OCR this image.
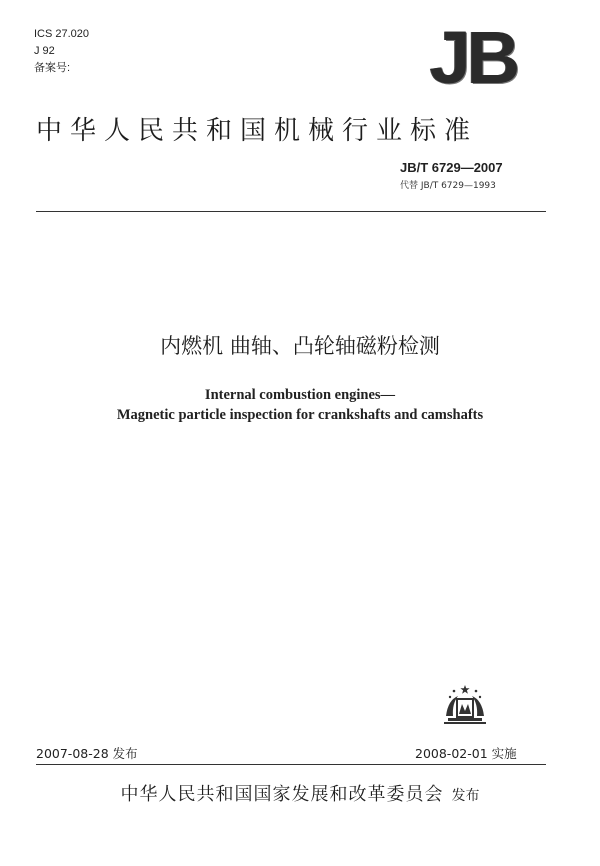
ICS 27.020
J 92
备案号:	JB
中华人民共和国机械行业标准
JB/T 6729—2007
代替 JB/T 6729—1993
内燃机 曲轴、凸轮轴磁粉检测
Internal combustion engines—
Magnetic particle inspection for crankshafts and camshafts
2007-08-28 发布	2008-02-01 实施
中华人民共和国国家发展和改革委员会 发布
